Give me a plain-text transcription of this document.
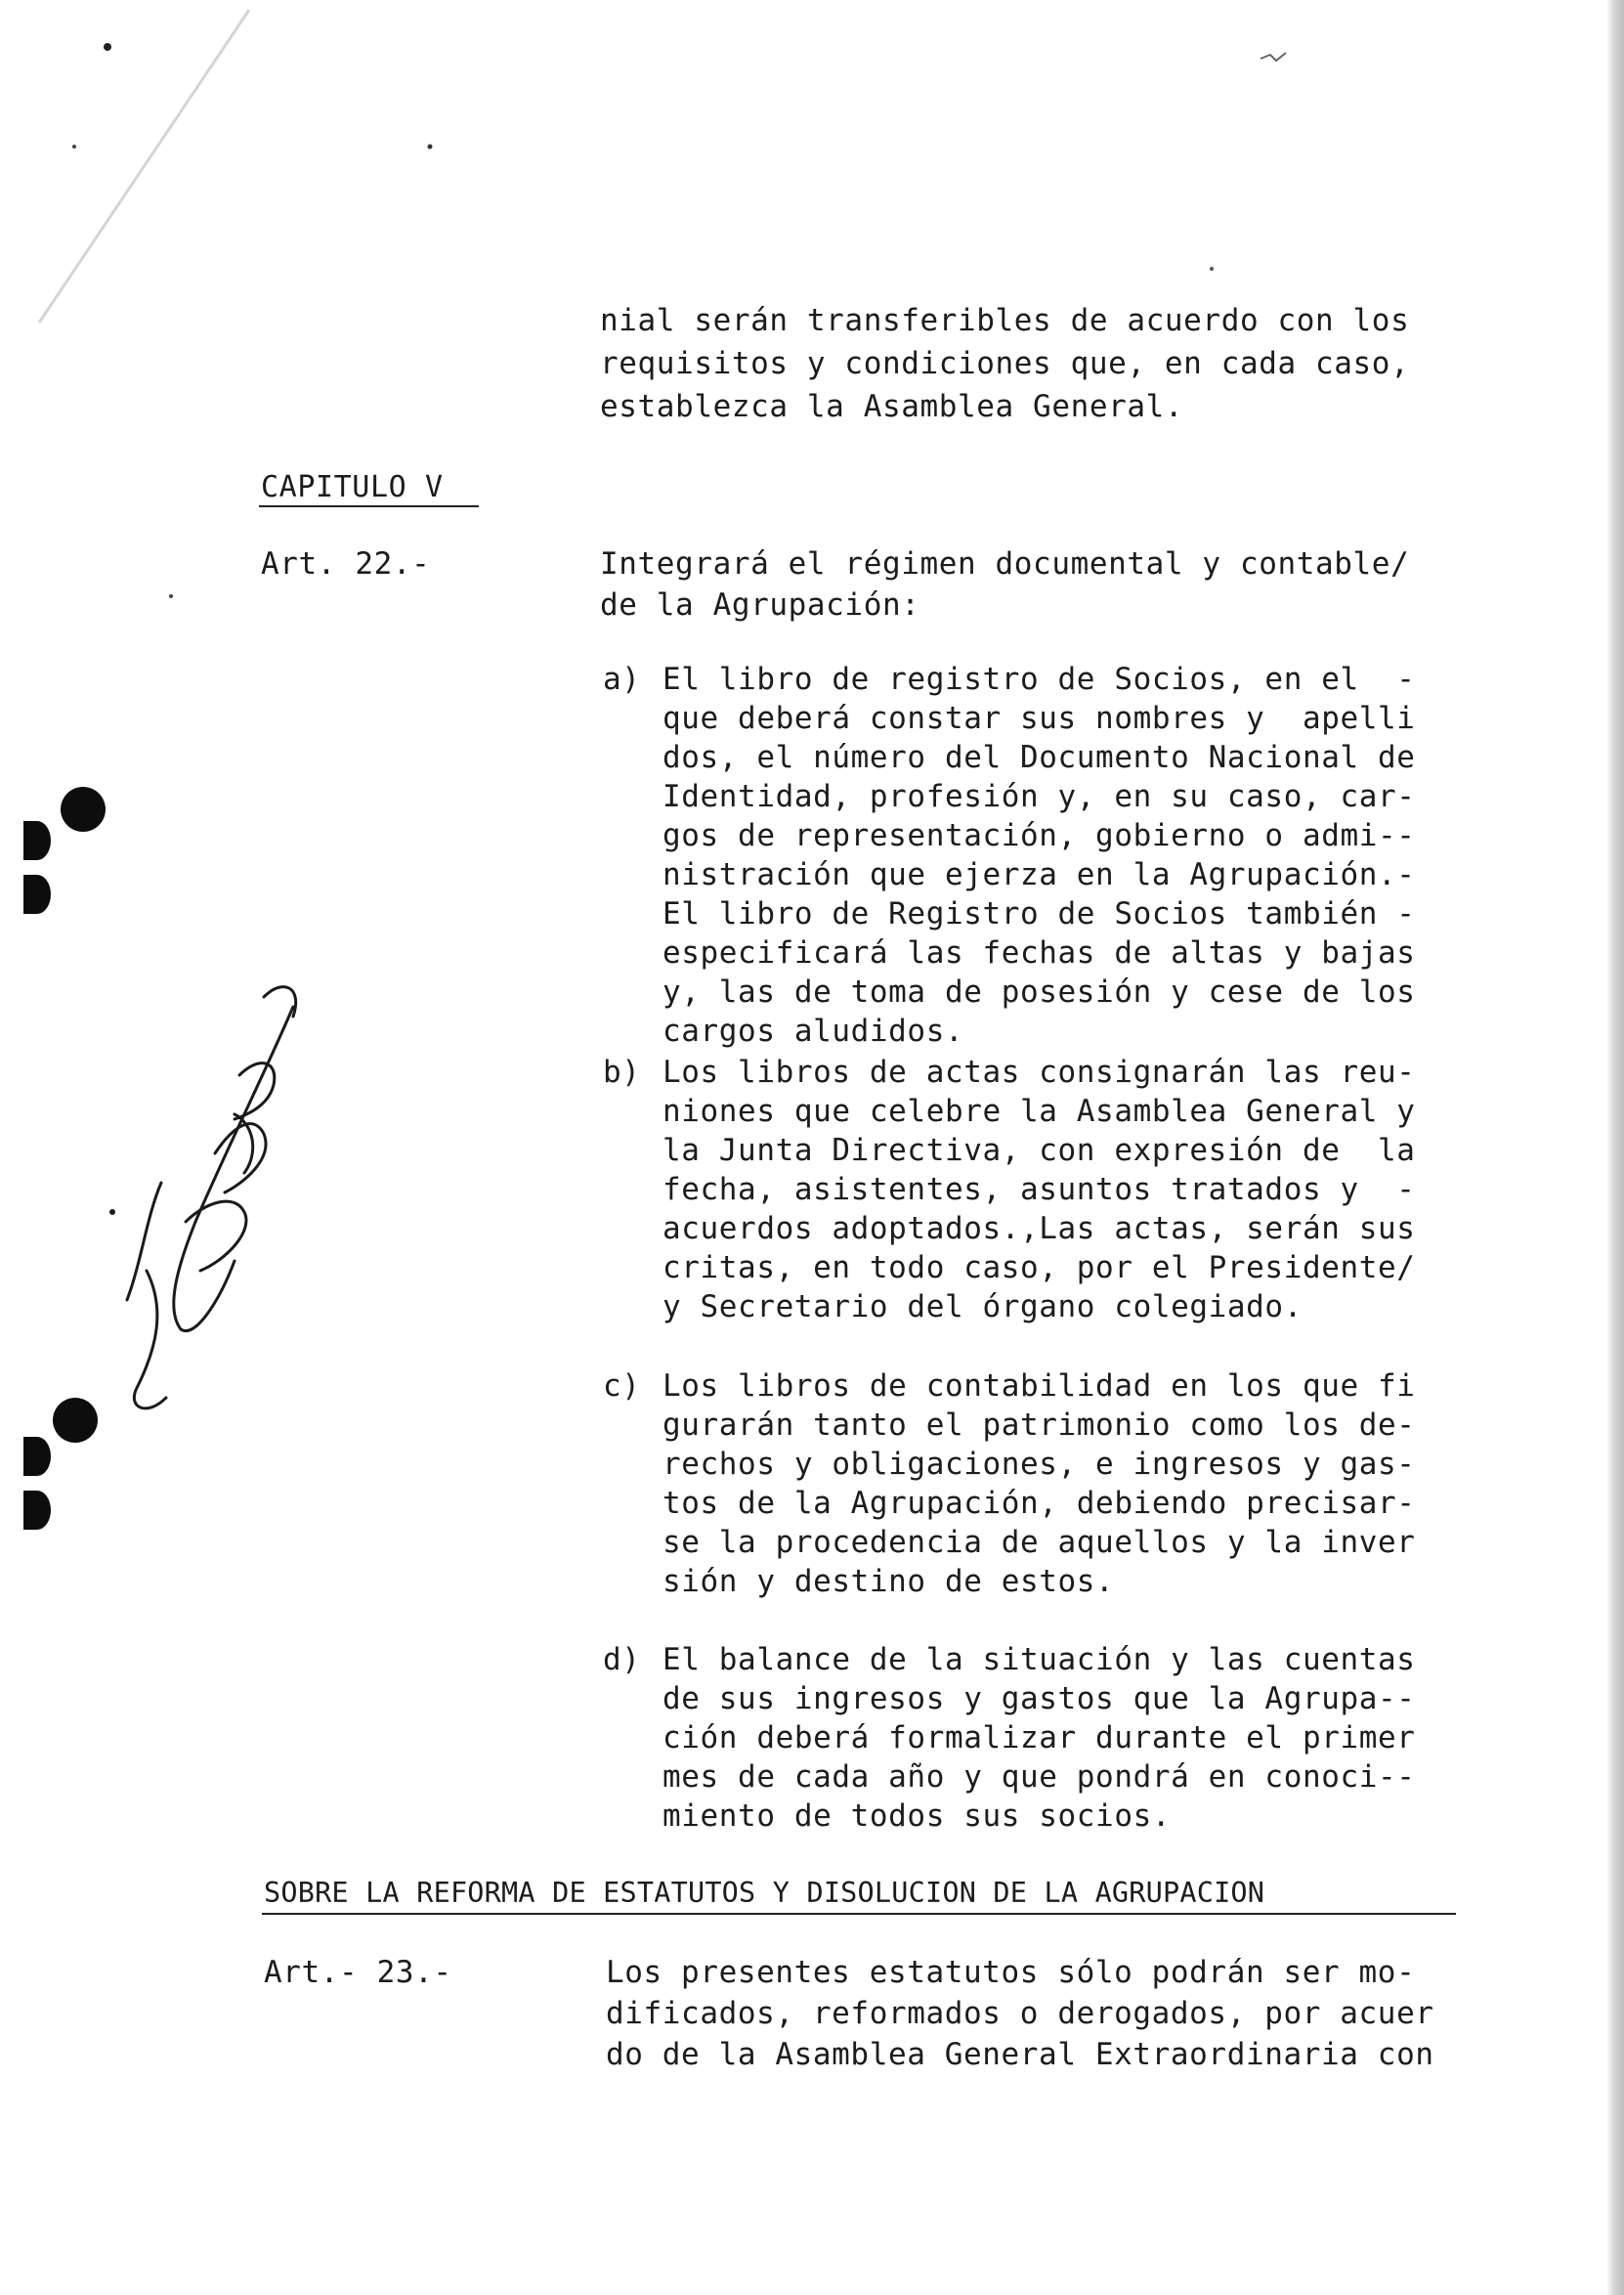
nial serán transferibles de acuerdo con los
requisitos y condiciones que, en cada caso,
establezca la Asamblea General.
CAPITULO V
Art. 22.-	Integrará el régimen documental y contable/
de la Agrupación:
a) El libro de registro de Socios, en el  -
que deberá constar sus nombres y  apelli
dos, el número del Documento Nacional de
Identidad, profesión y, en su caso, car-
gos de representación, gobierno o admi--
nistración que ejerza en la Agrupación.-
El libro de Registro de Socios también -
especificará las fechas de altas y bajas
y, las de toma de posesión y cese de los
cargos aludidos.
b) Los libros de actas consignarán las reu-
niones que celebre la Asamblea General y
la Junta Directiva, con expresión de  la
fecha, asistentes, asuntos tratados y  -
acuerdos adoptados.,Las actas, serán sus
critas, en todo caso, por el Presidente/
y Secretario del órgano colegiado.
c) Los libros de contabilidad en los que fi
gurarán tanto el patrimonio como los de-
rechos y obligaciones, e ingresos y gas-
tos de la Agrupación, debiendo precisar-
se la procedencia de aquellos y la inver
sión y destino de estos.
d) El balance de la situación y las cuentas
de sus ingresos y gastos que la Agrupa--
ción deberá formalizar durante el primer
mes de cada año y que pondrá en conoci--
miento de todos sus socios.
SOBRE LA REFORMA DE ESTATUTOS Y DISOLUCION DE LA AGRUPACION
Art.- 23.-	Los presentes estatutos sólo podrán ser mo-
dificados, reformados o derogados, por acuer
do de la Asamblea General Extraordinaria con
